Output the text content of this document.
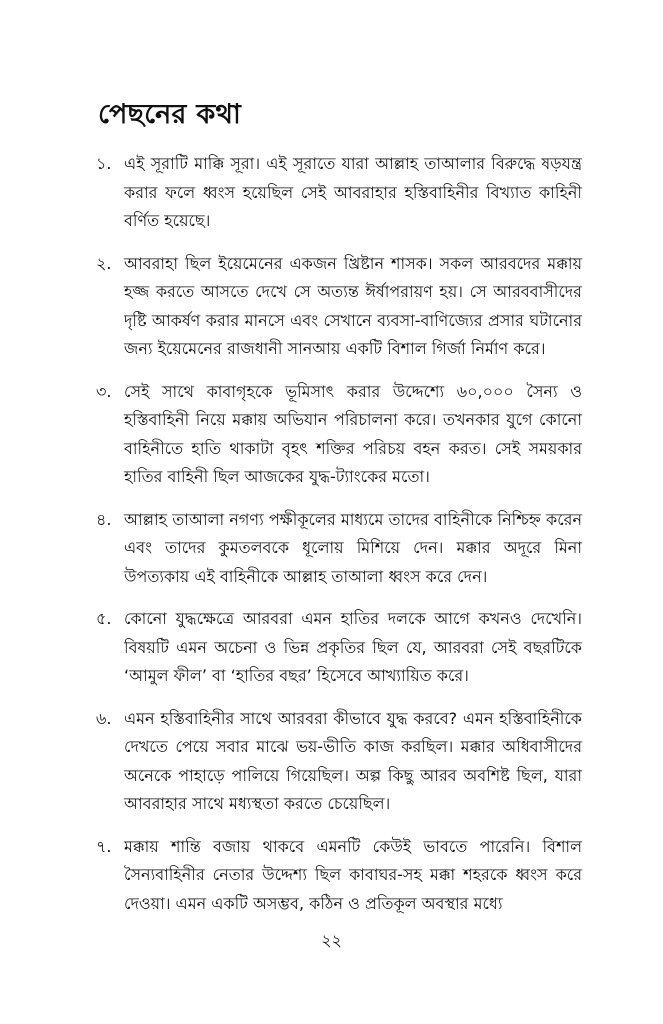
পেছনের কথা
১. এই সূরাটি মাক্কি সূরা। এই সূরাতে যারা আল্লাহ তাআলার বিরুদ্ধে ষড়যন্ত্র করার ফলে ধ্বংস হয়েছিল সেই আবরাহার হস্তিবাহিনীর বিখ্যাত কাহিনী বর্ণিত হয়েছে।
২. আবরাহা ছিল ইয়েমেনের একজন খ্রিষ্টান শাসক। সকল আরবদের মক্কায় হজ্জ করতে আসতে দেখে সে অত্যন্ত ঈর্ষাপরায়ণ হয়। সে আরববাসীদের দৃষ্টি আকর্ষণ করার মানসে এবং সেখানে ব্যবসা-বাণিজ্যের প্রসার ঘটানোর জন্য ইয়েমেনের রাজধানী সানআয় একটি বিশাল গির্জা নির্মাণ করে।
৩. সেই সাথে কাবাগৃহকে ভূমিসাৎ করার উদ্দেশ্যে ৬০,০০০ সৈন্য ও হস্তিবাহিনী নিয়ে মক্কায় অভিযান পরিচালনা করে। তখনকার যুগে কোনো বাহিনীতে হাতি থাকাটা বৃহৎ শক্তির পরিচয় বহন করত। সেই সময়কার হাতির বাহিনী ছিল আজকের যুদ্ধ-ট্যাংকের মতো।
৪. আল্লাহ তাআলা নগণ্য পক্ষীকূলের মাধ্যমে তাদের বাহিনীকে নিশ্চিহ্ন করেন এবং তাদের কুমতলবকে ধূলোয় মিশিয়ে দেন। মক্কার অদূরে মিনা উপত্যকায় এই বাহিনীকে আল্লাহ তাআলা ধ্বংস করে দেন।
৫. কোনো যুদ্ধক্ষেত্রে আরবরা এমন হাতির দলকে আগে কখনও দেখেনি। বিষয়টি এমন অচেনা ও ভিন্ন প্রকৃতির ছিল যে, আরবরা সেই বছরটিকে ‘আমুল ফীল’ বা ‘হাতির বছর’ হিসেবে আখ্যায়িত করে।
৬. এমন হস্তিবাহিনীর সাথে আরবরা কীভাবে যুদ্ধ করবে? এমন হস্তিবাহিনীকে দেখতে পেয়ে সবার মাঝে ভয়-ভীতি কাজ করছিল। মক্কার অধিবাসীদের অনেকে পাহাড়ে পালিয়ে গিয়েছিল। অল্প কিছু আরব অবশিষ্ট ছিল, যারা আবরাহার সাথে মধ্যস্থতা করতে চেয়েছিল।
৭. মক্কায় শান্তি বজায় থাকবে এমনটি কেউই ভাবতে পারেনি। বিশাল সৈন্যবাহিনীর নেতার উদ্দেশ্য ছিল কাবাঘর-সহ মক্কা শহরকে ধ্বংস করে দেওয়া। এমন একটি অসম্ভব, কঠিন ও প্রতিকূল অবস্থার মধ্যে
২২
